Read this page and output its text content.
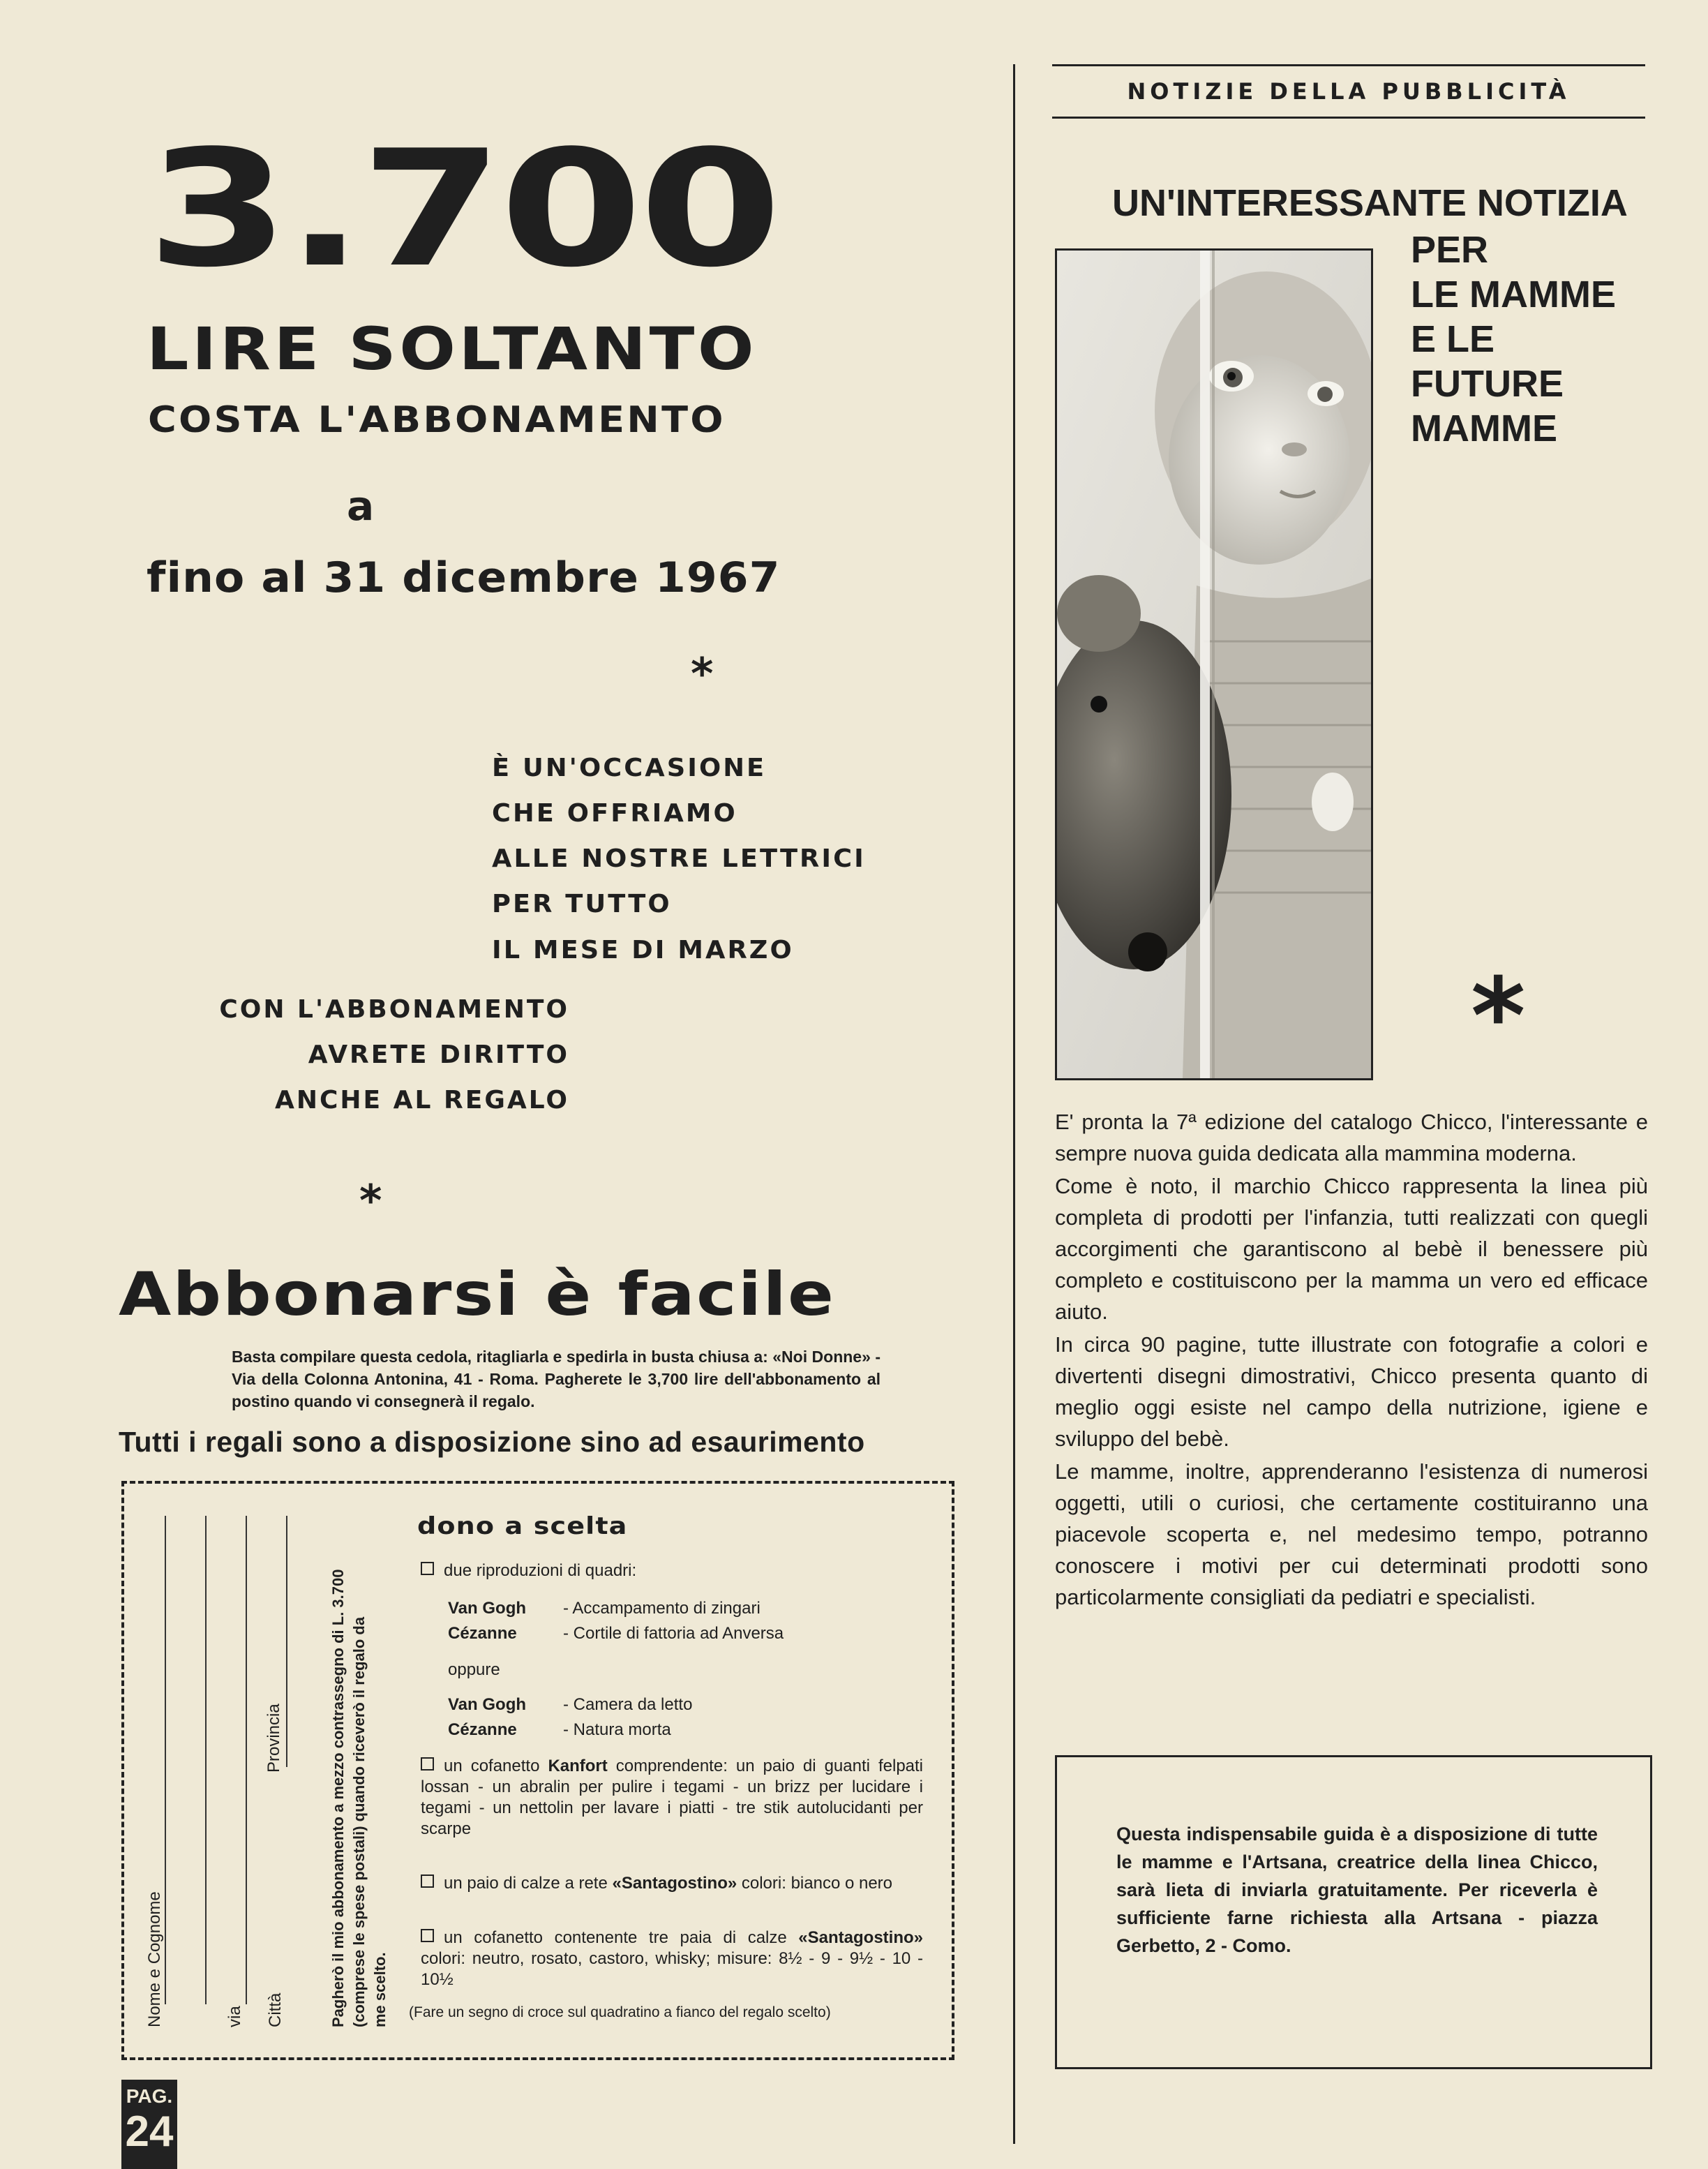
3.700
LIRE SOLTANTO
COSTA L'ABBONAMENTO
a
fino al 31 dicembre 1967
*
È UN'OCCASIONE
CHE OFFRIAMO
ALLE NOSTRE LETTRICI
PER TUTTO
IL MESE DI MARZO
CON L'ABBONAMENTO
AVRETE DIRITTO
ANCHE AL REGALO
*
Abbonarsi è facile
Basta compilare questa cedola, ritagliarla e spedirla in busta chiusa a: «Noi Donne» - Via della Colonna Antonina, 41 - Roma. Pagherete le 3,700 lire dell'abbonamento al postino quando vi consegnerà il regalo.
Tutti i regali sono a disposizione sino ad esaurimento
Nome e Cognome	via Città
Provincia	Pagherò il mio abbonamento a mezzo contrassegno di L. 3.700 (comprese le spese postali) quando riceverò il regalo da me scelto.
dono a scelta
due riproduzioni di quadri:
Van Gogh - Accampamento di zingari
Cézanne	- Cortile di fattoria ad Anversa
oppure
Van Gogh - Camera da letto
Cézanne	- Natura morta
un cofanetto Kanfort comprendente: un paio di guanti felpati lossan - un abralin per pulire i tegami - un brizz per lucidare i tegami - un nettolin per lavare i piatti - tre stik autolucidanti per scarpe
un paio di calze a rete «Santagostino» colori: bianco o nero
un cofanetto contenente tre paia di calze «Santagostino» colori: neutro, rosato, castoro, whisky; misure: 8½ - 9 - 9½ - 10 - 10½
(Fare un segno di croce sul quadratino a fianco del regalo scelto)
PAG.
24
NOTIZIE DELLA PUBBLICITÀ
UN'INTERESSANTE NOTIZIA
PER
LE MAMME
E LE
FUTURE
MAMME
*

E' pronta la 7ª edizione del catalogo Chicco, l'interessante e sempre nuova guida dedicata alla mammina moderna.

Come è noto, il marchio Chicco rappresenta la linea più completa di prodotti per l'infanzia, tutti realizzati con quegli accorgimenti che garantiscono al bebè il benessere più completo e costituiscono per la mamma un vero ed efficace aiuto.

In circa 90 pagine, tutte illustrate con fotografie a colori e divertenti disegni dimostrativi, Chicco presenta quanto di meglio oggi esiste nel campo della nutrizione, igiene e sviluppo del bebè.

Le mamme, inoltre, apprenderanno l'esistenza di numerosi oggetti, utili o curiosi, che certamente costituiranno una piacevole scoperta e, nel medesimo tempo, potranno conoscere i motivi per cui determinati prodotti sono particolarmente consigliati da pediatri e specialisti.

Questa indispensabile guida è a disposizione di tutte le mamme e l'Artsana, creatrice della linea Chicco, sarà lieta di inviarla gratuitamente. Per riceverla è sufficiente farne richiesta alla Artsana - piazza Gerbetto, 2 - Como.
